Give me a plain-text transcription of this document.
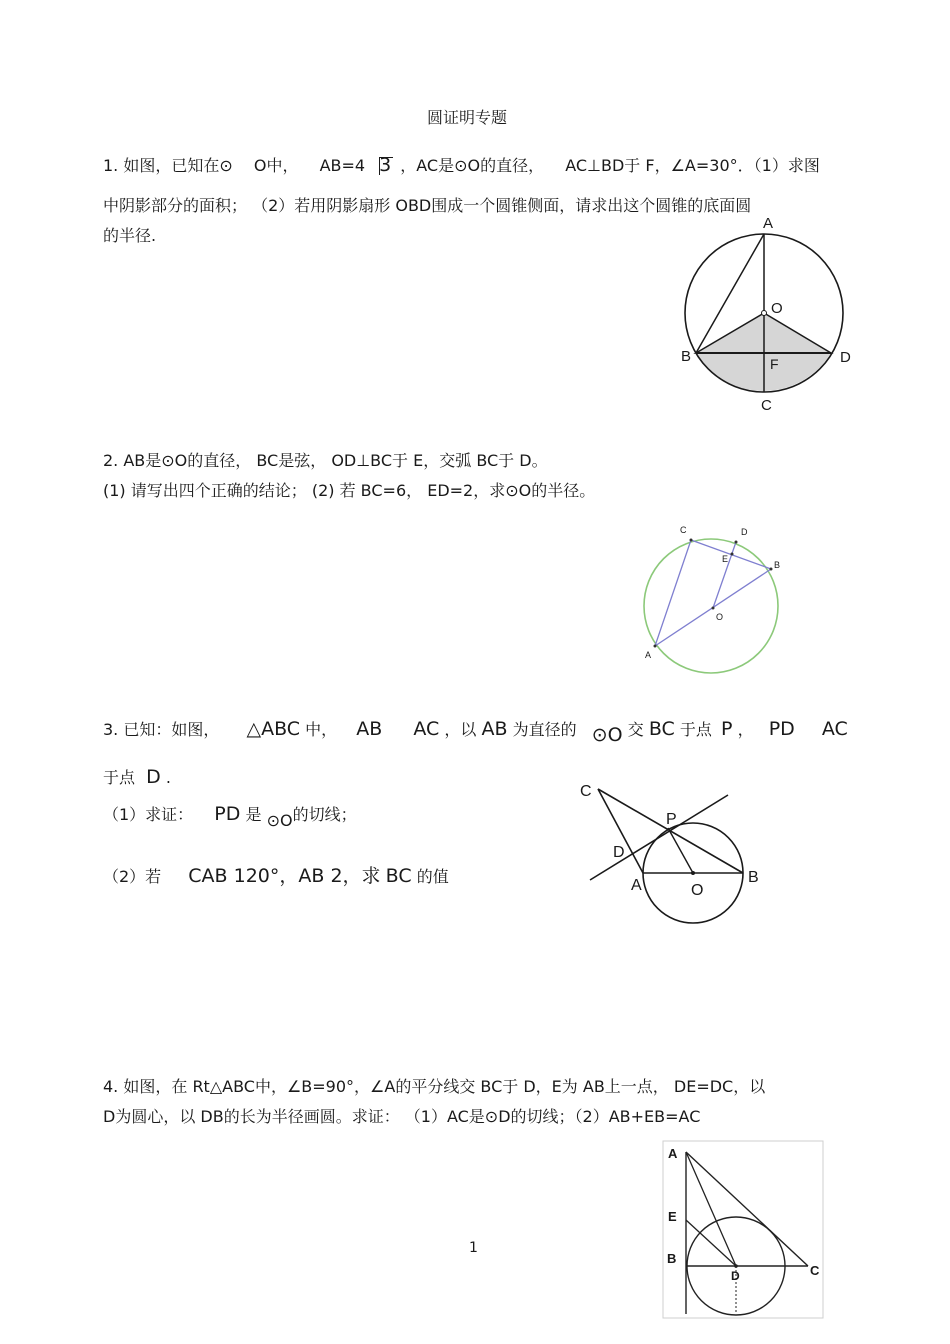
圆证明专题
1. 如图，已知在⊙ O中， AB=4 3 ，AC是⊙O的直径， AC⊥BD于 F，∠A=30°．（1）求图
中阴影部分的面积； （2）若用阴影扇形 OBD围成一个圆锥侧面，请求出这个圆锥的底面圆
的半径.
A
O
B	D
F
C
2. AB是⊙O的直径， BC是弦， OD⊥BC于 E，交弧 BC于 D。
(1) 请写出四个正确的结论； (2) 若 BC=6， ED=2，求⊙O的半径。
C	D
E
B
O
A
3. 已知：如图， △ABC 中， AB AC ，以 AB 为直径的 ⊙O 交 BC 于点 P ， PD AC
于点 D .
（1）求证： PD 是 ⊙O的切线；
（2）若 CAB 120°，AB 2，求 BC 的值
C
P
D
A	O
B
4. 如图，在 Rt△ABC中，∠B=90°，∠A的平分线交 BC于 D，E为 AB上一点， DE=DC，以
D为圆心，以 DB的长为半径画圆。求证： （1）AC是⊙D的切线；（2）AB+EB=AC
A
E
B
D	C
1
